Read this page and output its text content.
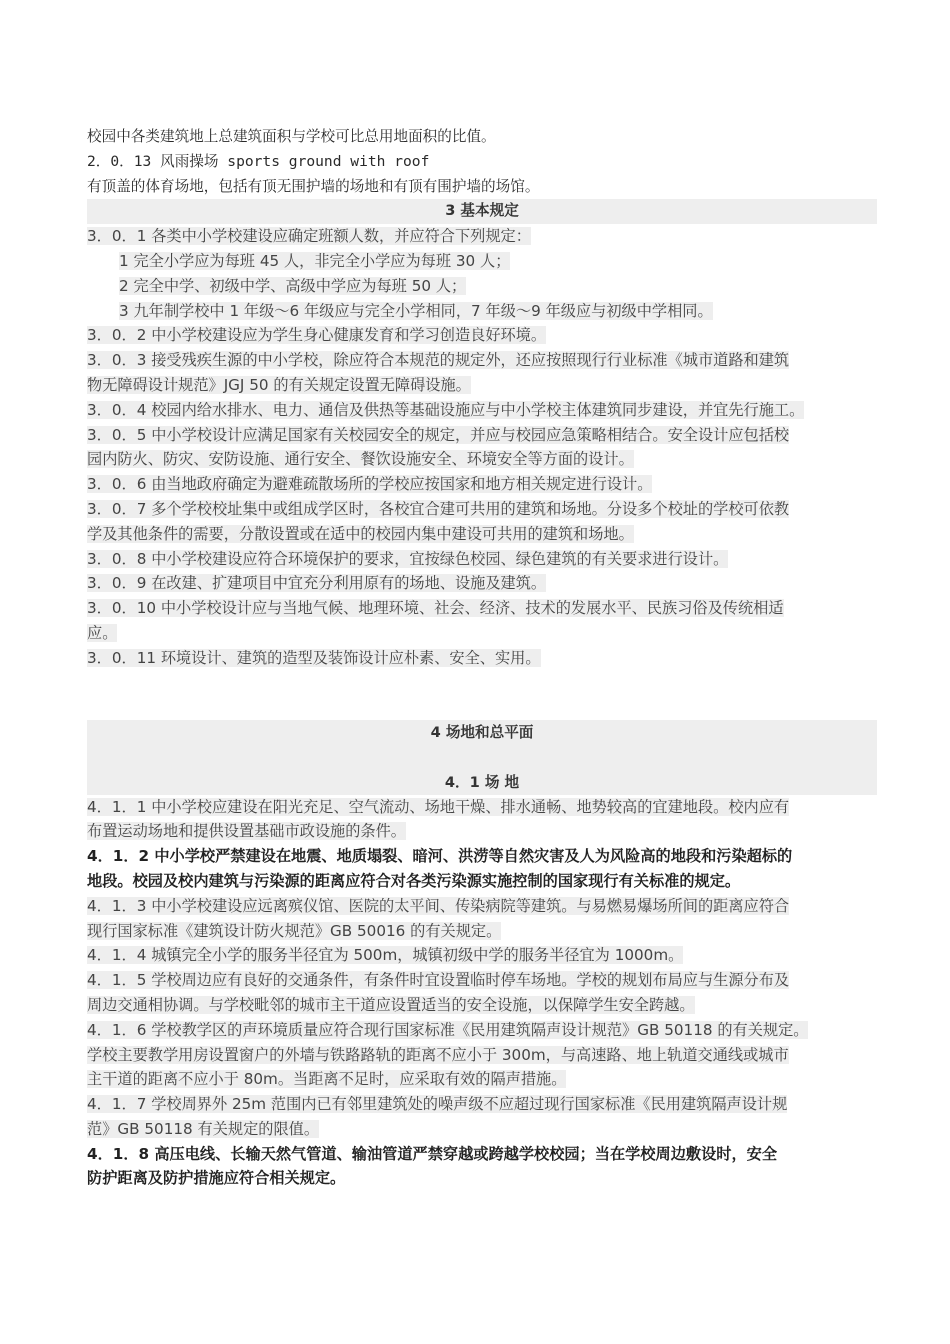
校园中各类建筑地上总建筑面积与学校可比总用地面积的比值。
2．0．13 风雨操场 sports ground with roof
有顶盖的体育场地，包括有顶无围护墙的场地和有顶有围护墙的场馆。
3 基本规定
3．0．1 各类中小学校建设应确定班额人数，并应符合下列规定：
1 完全小学应为每班 45 人，非完全小学应为每班 30 人；
2 完全中学、初级中学、高级中学应为每班 50 人；
3 九年制学校中 1 年级～6 年级应与完全小学相同，7 年级～9 年级应与初级中学相同。
3．0．2 中小学校建设应为学生身心健康发育和学习创造良好环境。
3．0．3 接受残疾生源的中小学校，除应符合本规范的规定外，还应按照现行行业标准《城市道路和建筑
物无障碍设计规范》JGJ 50 的有关规定设置无障碍设施。
3．0．4 校园内给水排水、电力、通信及供热等基础设施应与中小学校主体建筑同步建设，并宜先行施工。
3．0．5 中小学校设计应满足国家有关校园安全的规定，并应与校园应急策略相结合。安全设计应包括校
园内防火、防灾、安防设施、通行安全、餐饮设施安全、环境安全等方面的设计。
3．0．6 由当地政府确定为避难疏散场所的学校应按国家和地方相关规定进行设计。
3．0．7 多个学校校址集中或组成学区时，各校宜合建可共用的建筑和场地。分设多个校址的学校可依教
学及其他条件的需要，分散设置或在适中的校园内集中建设可共用的建筑和场地。
3．0．8 中小学校建设应符合环境保护的要求，宜按绿色校园、绿色建筑的有关要求进行设计。
3．0．9 在改建、扩建项目中宜充分利用原有的场地、设施及建筑。
3．0．10 中小学校设计应与当地气候、地理环境、社会、经济、技术的发展水平、民族习俗及传统相适
应。
3．0．11 环境设计、建筑的造型及装饰设计应朴素、安全、实用。
4 场地和总平面
4．1 场 地
4．1．1 中小学校应建设在阳光充足、空气流动、场地干燥、排水通畅、地势较高的宜建地段。校内应有
布置运动场地和提供设置基础市政设施的条件。
4．1．2 中小学校严禁建设在地震、地质塌裂、暗河、洪涝等自然灾害及人为风险高的地段和污染超标的
地段。校园及校内建筑与污染源的距离应符合对各类污染源实施控制的国家现行有关标准的规定。
4．1．3 中小学校建设应远离殡仪馆、医院的太平间、传染病院等建筑。与易燃易爆场所间的距离应符合
现行国家标准《建筑设计防火规范》GB 50016 的有关规定。
4．1．4 城镇完全小学的服务半径宜为 500m，城镇初级中学的服务半径宜为 1000m。
4．1．5 学校周边应有良好的交通条件，有条件时宜设置临时停车场地。学校的规划布局应与生源分布及
周边交通相协调。与学校毗邻的城市主干道应设置适当的安全设施，以保障学生安全跨越。
4．1．6 学校教学区的声环境质量应符合现行国家标准《民用建筑隔声设计规范》GB 50118 的有关规定。
学校主要教学用房设置窗户的外墙与铁路路轨的距离不应小于 300m，与高速路、地上轨道交通线或城市
主干道的距离不应小于 80m。当距离不足时，应采取有效的隔声措施。
4．1．7 学校周界外 25m 范围内已有邻里建筑处的噪声级不应超过现行国家标准《民用建筑隔声设计规
范》GB 50118 有关规定的限值。
4．1．8 高压电线、长输天然气管道、输油管道严禁穿越或跨越学校校园；当在学校周边敷设时，安全
防护距离及防护措施应符合相关规定。
